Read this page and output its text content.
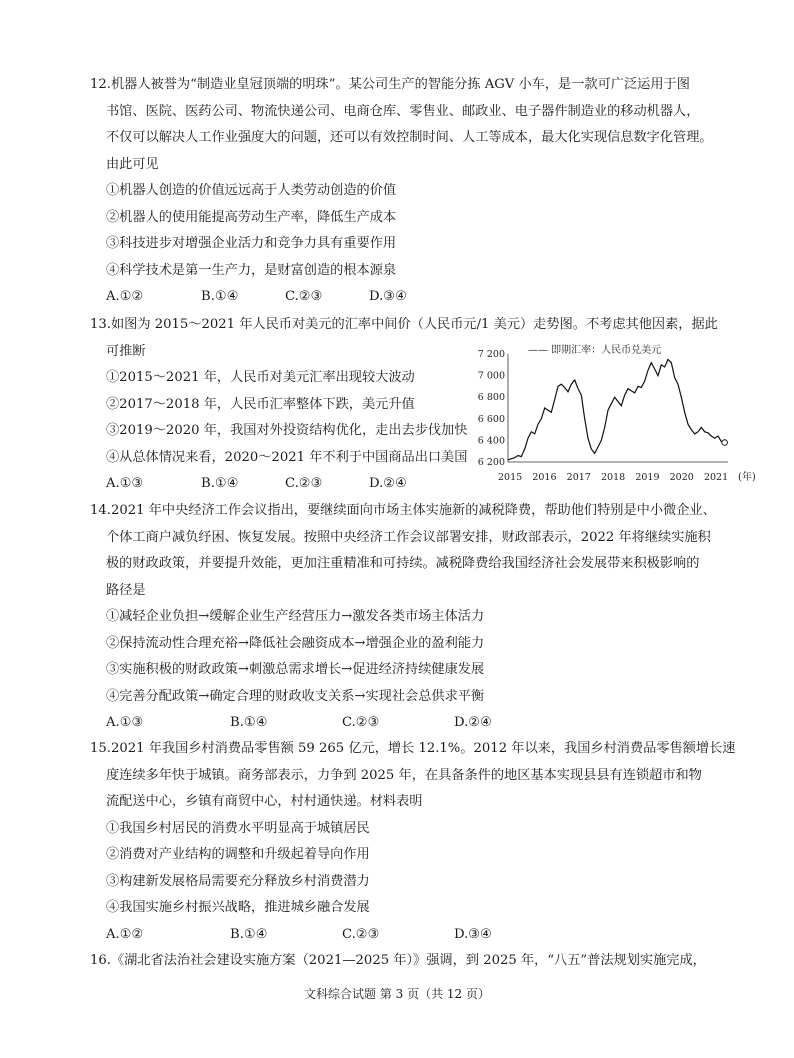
12.机器人被誉为“制造业皇冠顶端的明珠”。某公司生产的智能分拣 AGV 小车，是一款可广泛运用于图
书馆、医院、医药公司、物流快递公司、电商仓库、零售业、邮政业、电子器件制造业的移动机器人，
不仅可以解决人工作业强度大的问题，还可以有效控制时间、人工等成本，最大化实现信息数字化管理。
由此可见
①机器人创造的价值远远高于人类劳动创造的价值
②机器人的使用能提高劳动生产率，降低生产成本
③科技进步对增强企业活力和竞争力具有重要作用
④科学技术是第一生产力，是财富创造的根本源泉
A.①②	B.①④	C.②③	D.③④
13.如图为 2015～2021 年人民币对美元的汇率中间价（人民币元/1 美元）走势图。不考虑其他因素，据此
可推断
①2015～2021 年，人民币对美元汇率出现较大波动
②2017～2018 年，人民币汇率整体下跌，美元升值
③2019～2020 年，我国对外投资结构优化，走出去步伐加快
④从总体情况来看，2020～2021 年不利于中国商品出口美国
A.①③	B.①④	C.②③	D.②④
—— 即期汇率：人民币兑美元
7 200
7 000
6 800
6 600
6 400
6 200
2015 2016 2017 2018 2019 2020 2021 (年)
14.2021 年中央经济工作会议指出，要继续面向市场主体实施新的减税降费，帮助他们特别是中小微企业、
个体工商户减负纾困、恢复发展。按照中央经济工作会议部署安排，财政部表示，2022 年将继续实施积
极的财政政策，并要提升效能，更加注重精准和可持续。减税降费给我国经济社会发展带来积极影响的
路径是
①减轻企业负担→缓解企业生产经营压力→激发各类市场主体活力
②保持流动性合理充裕→降低社会融资成本→增强企业的盈利能力
③实施积极的财政政策→刺激总需求增长→促进经济持续健康发展
④完善分配政策→确定合理的财政收支关系→实现社会总供求平衡
A.①③	B.①④	C.②③	D.②④
15.2021 年我国乡村消费品零售额 59 265 亿元，增长 12.1%。2012 年以来，我国乡村消费品零售额增长速
度连续多年快于城镇。商务部表示，力争到 2025 年，在具备条件的地区基本实现县县有连锁超市和物
流配送中心，乡镇有商贸中心，村村通快递。材料表明
①我国乡村居民的消费水平明显高于城镇居民
②消费对产业结构的调整和升级起着导向作用
③构建新发展格局需要充分释放乡村消费潜力
④我国实施乡村振兴战略，推进城乡融合发展
A.①②	B.①④	C.②③	D.③④
16.《湖北省法治社会建设实施方案（2021—2025 年）》强调，到 2025 年，“八五”普法规划实施完成，
文科综合试题 第 3 页（共 12 页）
